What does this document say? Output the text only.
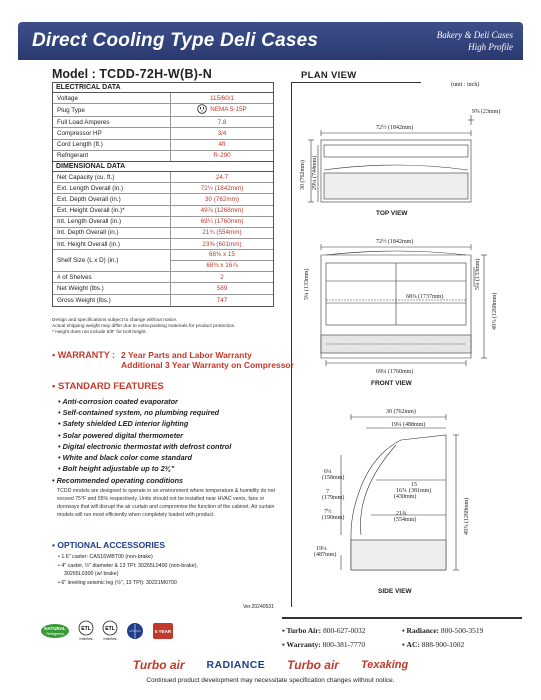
Direct Cooling Type Deli Cases	Bakery & Deli Cases
High Profile
Model : TCDD-72H-W(B)-N
ELECTRICAL DATA
Voltage	115/60/1
Plug Type	NEMA 5-15P
Full Load Amperes	7.8
Compressor HP	3/4
Cord Length (ft.)	4ft
Refrigerant	R-290
DIMENSIONAL DATA
Net Capacity (cu. ft.)	24.7
Ext. Length Overall (in.)	72½ (1842mm)
Ext. Depth Overall (in.)	30 (762mm)
Ext. Height Overall (in.)*	49⅞ (1268mm)
Int. Length Overall (in.)	69¼ (1760mm)
Int. Depth Overall (in.)	21¾ (554mm)
Int. Height Overall (in.)	23⅝ (601mm)
Shelf Size (L x D) (in.)
68⅜ x 15
68⅜ x 16⅞
# of Shelves	2
Net Weight (lbs.)	589
Gross Weight (lbs.)	747
Design and specifications subject to change without notice.
Actual shipping weight may differ due to extra-packing materials for product protection.
* Height does not include 5/8" for bolt height.
▪ WARRANTY : 2 Year Parts and Labor Warranty
Additional 3 Year Warranty on Compressor
▪ STANDARD FEATURES
• Anti-corrosion coated evaporator
• Self-contained system, no plumbing required
• Safety shielded LED interior lighting
• Solar powered digital thermometer
• Digital electronic thermostat with defrost control
• White and black color come standard
• Bolt height adjustable up to 2¾"
• Recommended operating conditions
TCDD models are designed to operate in an environment where temperature & humidity do not exceed 75°F and 55% respectively. Units should not be installed near HVAC vents, fans or doorways that will disrupt the air curtain and compromise the function of the cabinet. Air curtain models will run most efficiently when completely loaded with product.
▪ OPTIONAL ACCESSORIES
• 1.6" caster: CAS16WBT00 (non-brake)
• 4" caster, ½" diameter & 13 TPI: 30265L0400 (non-brake),
30265L0300 (w/ brake)
• 6" leveling seismic leg (½", 13 TPI): 30221M0700
Ver.20240531
PLAN VIEW
(unit : inch)
72½ (1842mm)
9⅝ (23mm)
30 (762mm) 29¼ (744mm)
TOP VIEW
72½ (1842mm)
68⅜ (1737mm)
69¼ (1760mm)
5¼ (133mm)
49⅞ (1268mm)
5¼ (133mm)
FRONT VIEW
30 (762mm)
19¼ (488mm)
6¼
(158mm)
7
(179mm)
7½
(190mm)
19⅛
(487mm)
16⅞
(430mm)
21¾
(554mm)
15
(381mm)
49⅞ (1268mm)
SIDE VIEW
NATURAL
Refrigerant
ETL
Intertek
ETL
Intertek
5 YEAR	▪ Turbo Air: 800-627-0032	▪ Radiance: 800-500-3519
▪ Warranty: 800-381-7770	▪ AC: 888-900-1002
Turbo air RADIANCE Turbo air Texaking
Continued product development may necessitate specification changes without notice.
